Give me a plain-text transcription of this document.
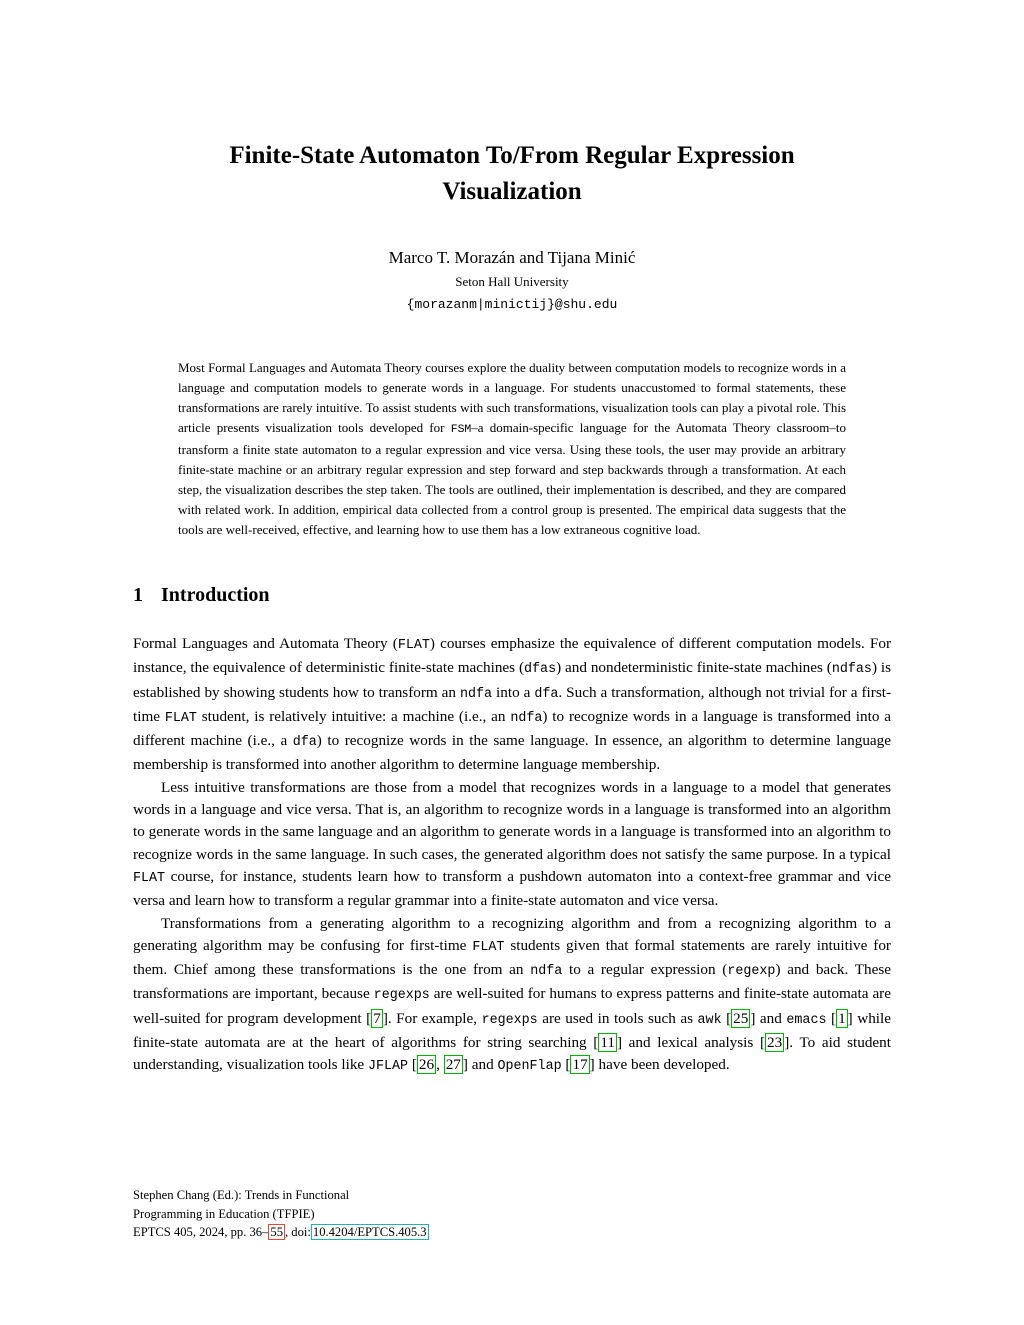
Finite-State Automaton To/From Regular Expression Visualization
Marco T. Morazán and Tijana Minić
Seton Hall University
{morazanm|minictij}@shu.edu
Most Formal Languages and Automata Theory courses explore the duality between computation models to recognize words in a language and computation models to generate words in a language. For students unaccustomed to formal statements, these transformations are rarely intuitive. To assist students with such transformations, visualization tools can play a pivotal role. This article presents visualization tools developed for FSM–a domain-specific language for the Automata Theory classroom–to transform a finite state automaton to a regular expression and vice versa. Using these tools, the user may provide an arbitrary finite-state machine or an arbitrary regular expression and step forward and step backwards through a transformation. At each step, the visualization describes the step taken. The tools are outlined, their implementation is described, and they are compared with related work. In addition, empirical data collected from a control group is presented. The empirical data suggests that the tools are well-received, effective, and learning how to use them has a low extraneous cognitive load.
1 Introduction

Formal Languages and Automata Theory (FLAT) courses emphasize the equivalence of different computation models. For instance, the equivalence of deterministic finite-state machines (dfas) and nondeterministic finite-state machines (ndfas) is established by showing students how to transform an ndfa into a dfa. Such a transformation, although not trivial for a first-time FLAT student, is relatively intuitive: a machine (i.e., an ndfa) to recognize words in a language is transformed into a different machine (i.e., a dfa) to recognize words in the same language. In essence, an algorithm to determine language membership is transformed into another algorithm to determine language membership.

Less intuitive transformations are those from a model that recognizes words in a language to a model that generates words in a language and vice versa. That is, an algorithm to recognize words in a language is transformed into an algorithm to generate words in the same language and an algorithm to generate words in a language is transformed into an algorithm to recognize words in the same language. In such cases, the generated algorithm does not satisfy the same purpose. In a typical FLAT course, for instance, students learn how to transform a pushdown automaton into a context-free grammar and vice versa and learn how to transform a regular grammar into a finite-state automaton and vice versa.

Transformations from a generating algorithm to a recognizing algorithm and from a recognizing algorithm to a generating algorithm may be confusing for first-time FLAT students given that formal statements are rarely intuitive for them. Chief among these transformations is the one from an ndfa to a regular expression (regexp) and back. These transformations are important, because regexps are well-suited for humans to express patterns and finite-state automata are well-suited for program development [ 7 ]. For example, regexps are used in tools such as awk [ 25 ] and emacs [ 1 ] while finite-state automata are at the heart of algorithms for string searching [ 11 ] and lexical analysis [ 23 ]. To aid student understanding, visualization tools like JFLAP [ 26 , 27 ] and OpenFlap [ 17 ] have been developed.

Stephen Chang (Ed.): Trends in Functional
Programming in Education (TFPIE)
EPTCS 405, 2024, pp. 36– 55 , doi: 10.4204/EPTCS.405.3
